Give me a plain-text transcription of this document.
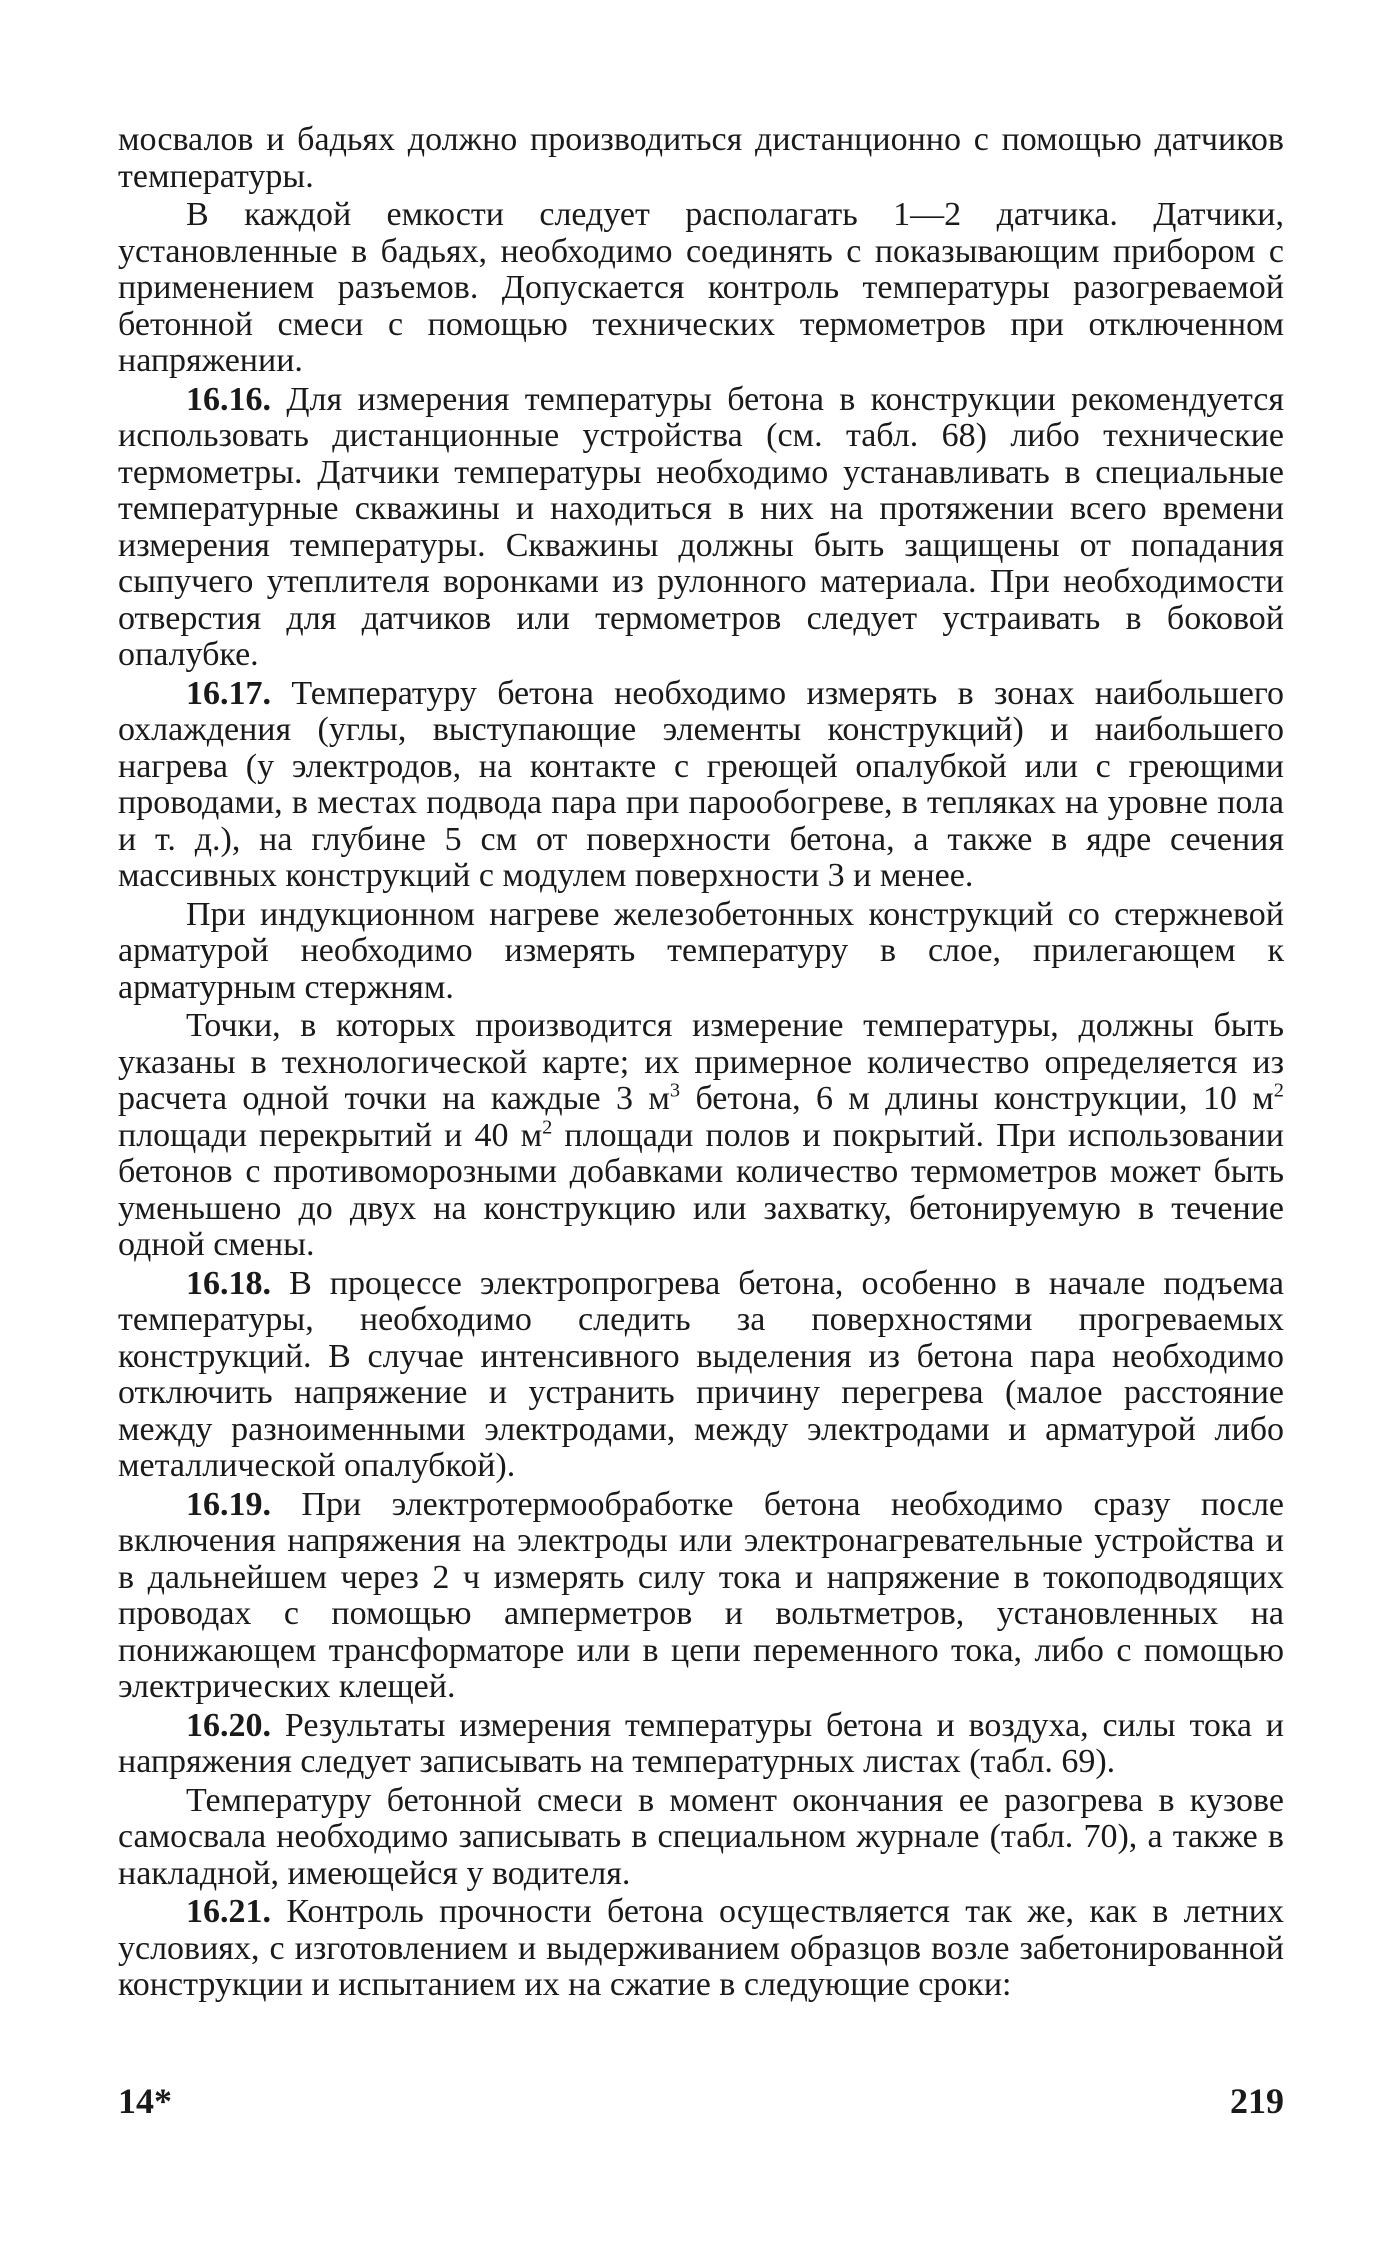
мосвалов и бадьях должно производиться дистанционно с помощью датчиков температуры.

В каждой емкости следует располагать 1—2 датчика. Датчики, установленные в бадьях, необходимо соединять с показывающим прибором с применением разъемов. Допускается контроль температуры разогреваемой бетонной смеси с помощью технических термометров при отключенном напряжении.

16.16. Для измерения температуры бетона в конструкции рекомендуется использовать дистанционные устройства (см. табл. 68) либо технические термометры. Датчики температуры необходимо устанавливать в специальные температурные скважины и находиться в них на протяжении всего времени измерения температуры. Скважины должны быть защищены от попадания сыпучего утеплителя воронками из рулонного материала. При необходимости отверстия для датчиков или термометров следует устраивать в боковой опалубке.

16.17. Температуру бетона необходимо измерять в зонах наибольшего охлаждения (углы, выступающие элементы конструкций) и наибольшего нагрева (у электродов, на контакте с греющей опалубкой или с греющими проводами, в местах подвода пара при парообогреве, в тепляках на уровне пола и т. д.), на глубине 5 см от поверхности бетона, а также в ядре сечения массивных конструкций с модулем поверхности 3 и менее.

При индукционном нагреве железобетонных конструкций со стержневой арматурой необходимо измерять температуру в слое, прилегающем к арматурным стержням.

Точки, в которых производится измерение температуры, должны быть указаны в технологической карте; их примерное количество определяется из расчета одной точки на каждые 3 $м^3$ бетона, 6 м длины конструкции, 10 $м^2$ площади перекрытий и 40 $м^2$ площади полов и покрытий. При использовании бетонов с противоморозными добавками количество термометров может быть уменьшено до двух на конструкцию или захватку, бетонируемую в течение одной смены.

16.18. В процессе электропрогрева бетона, особенно в начале подъема температуры, необходимо следить за поверхностями прогреваемых конструкций. В случае интенсивного выделения из бетона пара необходимо отключить напряжение и устранить причину перегрева (малое расстояние между разноименными электродами, между электродами и арматурой либо металлической опалубкой).

16.19. При электротермообработке бетона необходимо сразу после включения напряжения на электроды или электронагревательные устройства и в дальнейшем через 2 ч измерять силу тока и напряжение в токоподводящих проводах с помощью амперметров и вольтметров, установленных на понижающем трансформаторе или в цепи переменного тока, либо с помощью электрических клещей.

16.20. Результаты измерения температуры бетона и воздуха, силы тока и напряжения следует записывать на температурных листах (табл. 69).

Температуру бетонной смеси в момент окончания ее разогрева в кузове самосвала необходимо записывать в специальном журнале (табл. 70), а также в накладной, имеющейся у водителя.

16.21. Контроль прочности бетона осуществляется так же, как в летних условиях, с изготовлением и выдерживанием образцов возле забетонированной конструкции и испытанием их на сжатие в следующие сроки:

14*	219
